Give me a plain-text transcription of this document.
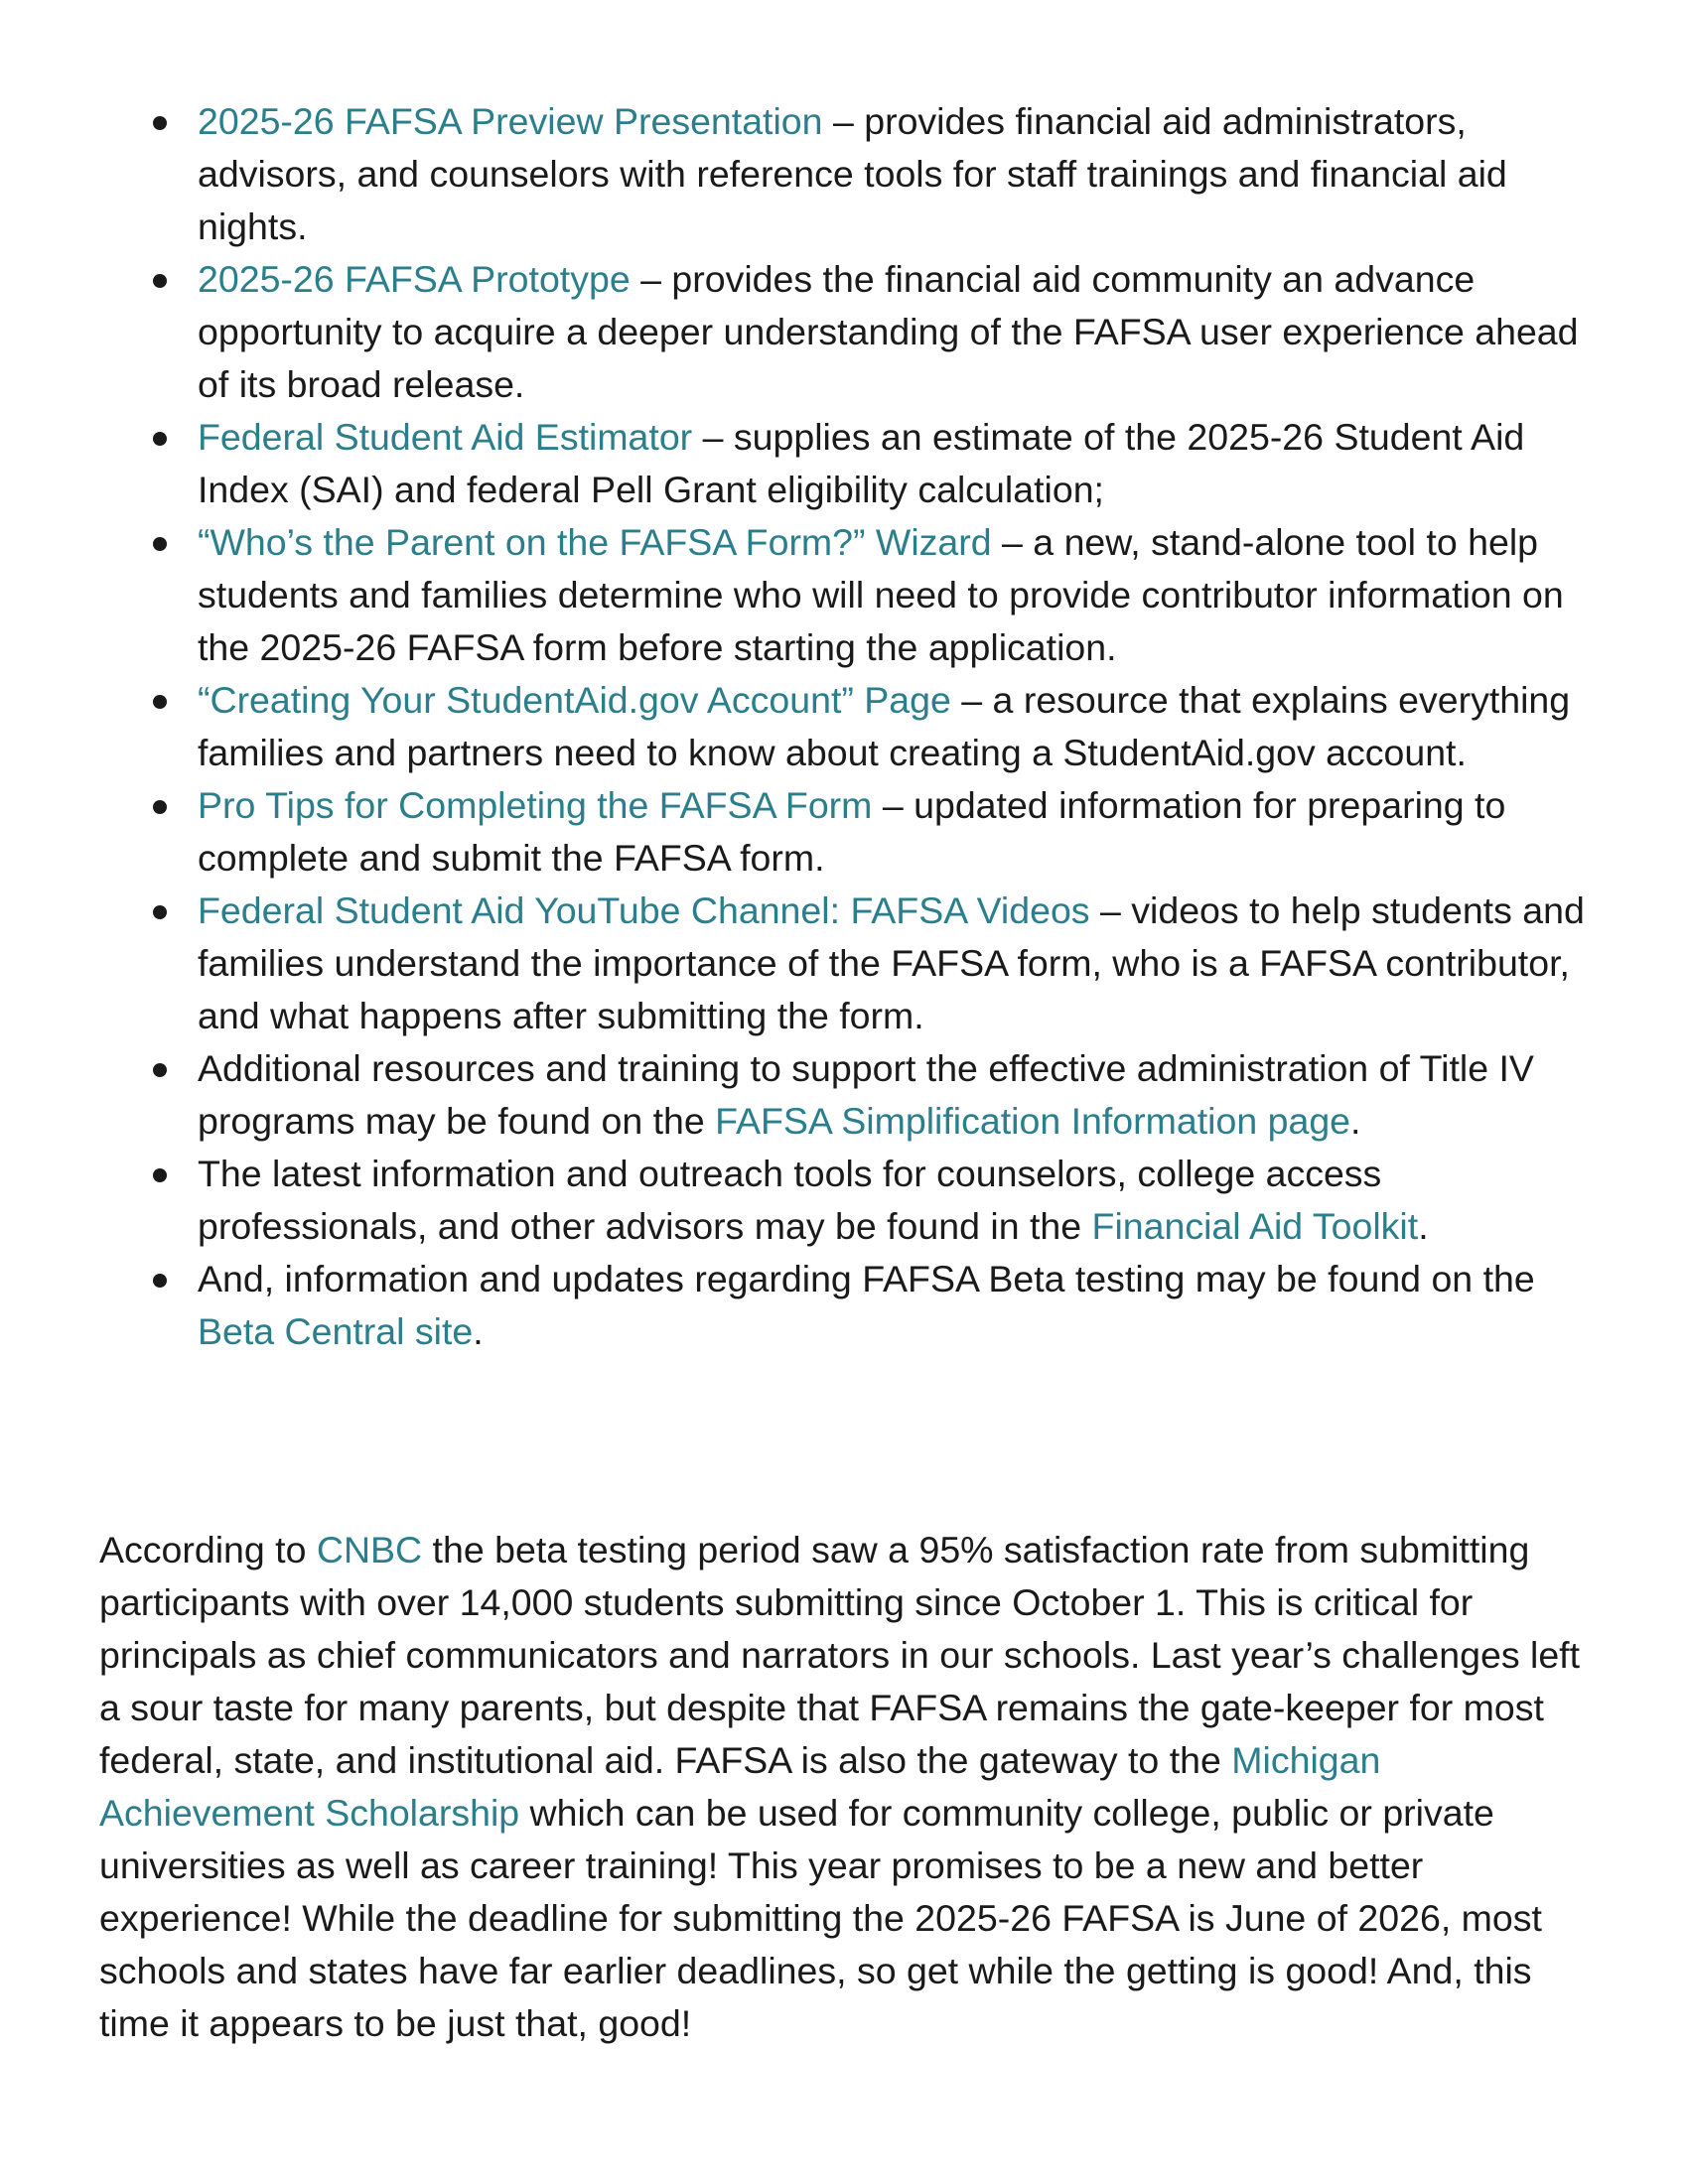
2025-26 FAFSA Preview Presentation – provides financial aid administrators, advisors, and counselors with reference tools for staff trainings and financial aid nights.
2025-26 FAFSA Prototype – provides the financial aid community an advance opportunity to acquire a deeper understanding of the FAFSA user experience ahead of its broad release.
Federal Student Aid Estimator – supplies an estimate of the 2025-26 Student Aid Index (SAI) and federal Pell Grant eligibility calculation;
“Who’s the Parent on the FAFSA Form?” Wizard – a new, stand-alone tool to help students and families determine who will need to provide contributor information on the 2025-26 FAFSA form before starting the application.
“Creating Your StudentAid.gov Account” Page – a resource that explains everything families and partners need to know about creating a StudentAid.gov account.
Pro Tips for Completing the FAFSA Form – updated information for preparing to complete and submit the FAFSA form.
Federal Student Aid YouTube Channel: FAFSA Videos – videos to help students and families understand the importance of the FAFSA form, who is a FAFSA contributor, and what happens after submitting the form.
Additional resources and training to support the effective administration of Title IV programs may be found on the FAFSA Simplification Information page.
The latest information and outreach tools for counselors, college access professionals, and other advisors may be found in the Financial Aid Toolkit.
And, information and updates regarding FAFSA Beta testing may be found on the Beta Central site.

According to CNBC the beta testing period saw a 95% satisfaction rate from submitting participants with over 14,000 students submitting since October 1. This is critical for principals as chief communicators and narrators in our schools. Last year’s challenges left a sour taste for many parents, but despite that FAFSA remains the gate-keeper for most federal, state, and institutional aid. FAFSA is also the gateway to the Michigan Achievement Scholarship which can be used for community college, public or private universities as well as career training! This year promises to be a new and better experience! While the deadline for submitting the 2025-26 FAFSA is June of 2026, most schools and states have far earlier deadlines, so get while the getting is good! And, this time it appears to be just that, good!
